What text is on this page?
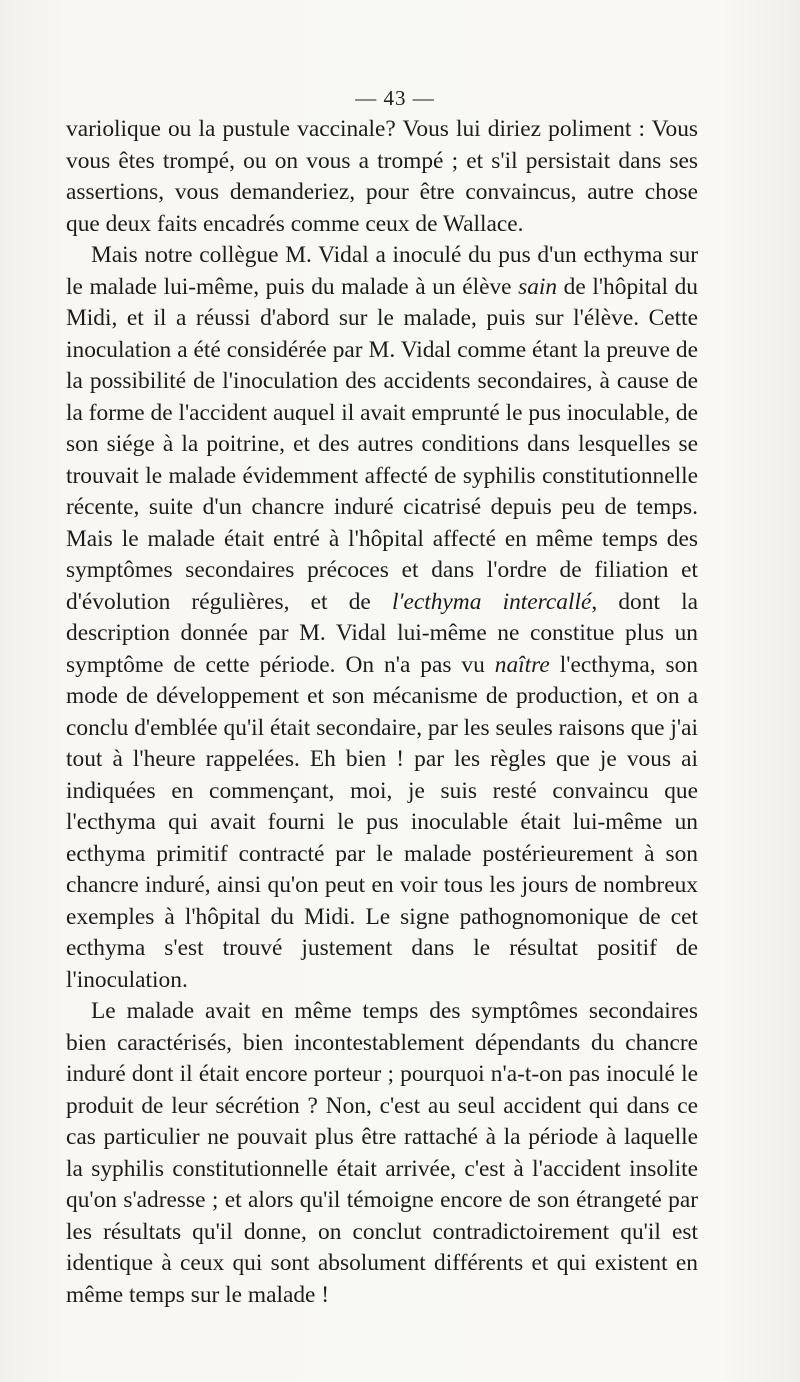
— 43 —

variolique ou la pustule vaccinale? Vous lui diriez poliment : Vous vous êtes trompé, ou on vous a trompé ; et s'il persistait dans ses assertions, vous demanderiez, pour être convaincus, autre chose que deux faits encadrés comme ceux de Wallace.

Mais notre collègue M. Vidal a inoculé du pus d'un ecthyma sur le malade lui-même, puis du malade à un élève sain de l'hôpital du Midi, et il a réussi d'abord sur le malade, puis sur l'élève. Cette inoculation a été considérée par M. Vidal comme étant la preuve de la possibilité de l'inoculation des accidents secondaires, à cause de la forme de l'accident auquel il avait emprunté le pus inoculable, de son siége à la poitrine, et des autres conditions dans lesquelles se trouvait le malade évidemment affecté de syphilis constitutionnelle récente, suite d'un chancre induré cicatrisé depuis peu de temps. Mais le malade était entré à l'hôpital affecté en même temps des symptômes secondaires précoces et dans l'ordre de filiation et d'évolution régulières, et de l'ecthyma intercallé, dont la description donnée par M. Vidal lui-même ne constitue plus un symptôme de cette période. On n'a pas vu naître l'ecthyma, son mode de développement et son mécanisme de production, et on a conclu d'emblée qu'il était secondaire, par les seules raisons que j'ai tout à l'heure rappelées. Eh bien ! par les règles que je vous ai indiquées en commençant, moi, je suis resté convaincu que l'ecthyma qui avait fourni le pus inoculable était lui-même un ecthyma primitif contracté par le malade postérieurement à son chancre induré, ainsi qu'on peut en voir tous les jours de nombreux exemples à l'hôpital du Midi. Le signe pathognomonique de cet ecthyma s'est trouvé justement dans le résultat positif de l'inoculation.

Le malade avait en même temps des symptômes secondaires bien caractérisés, bien incontestablement dépendants du chancre induré dont il était encore porteur ; pourquoi n'a-t-on pas inoculé le produit de leur sécrétion ? Non, c'est au seul accident qui dans ce cas particulier ne pouvait plus être rattaché à la période à laquelle la syphilis constitutionnelle était arrivée, c'est à l'accident insolite qu'on s'adresse ; et alors qu'il témoigne encore de son étrangeté par les résultats qu'il donne, on conclut contradictoirement qu'il est identique à ceux qui sont absolument différents et qui existent en même temps sur le malade !
